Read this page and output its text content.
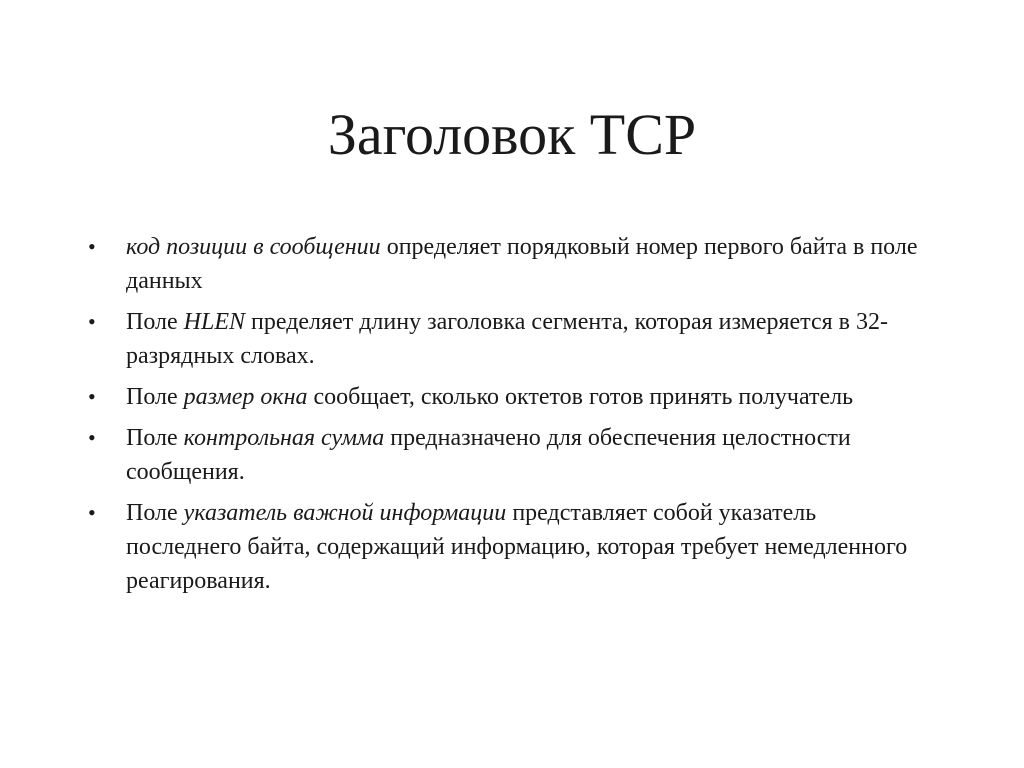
Заголовок TCP
•	код позиции в сообщении определяет порядковый номер первого байта в поле данных
•	Поле HLEN пределяет длину заголовка сегмента, которая измеряется в 32-разрядных словах.
•	Поле размер окна сообщает, сколько октетов готов принять получатель
•	Поле контрольная сумма предназначено для обеспечения целостности сообщения.
•	Поле указатель важной информации представляет собой указатель последнего байта, содержащий информацию, которая требует немедленного реагирования.
